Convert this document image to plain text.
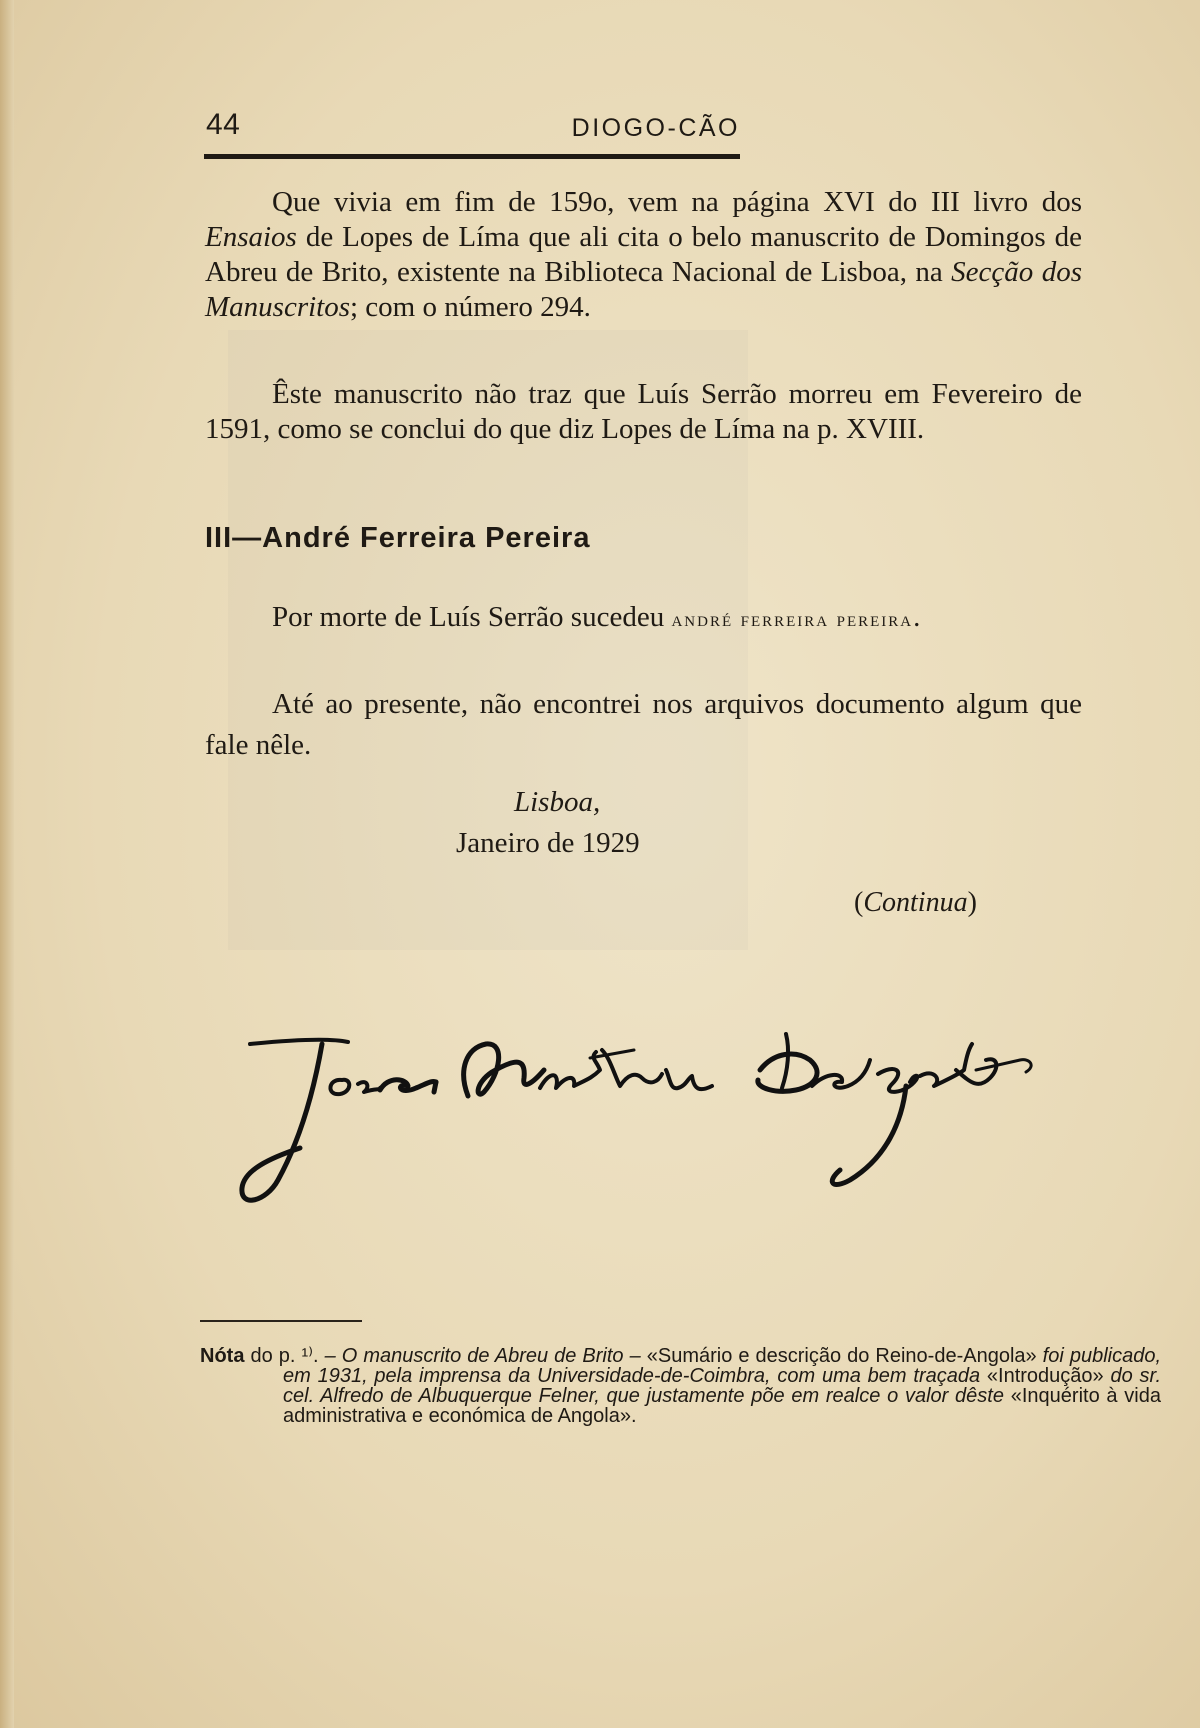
44	DIOGO-CÃO

Que vivia em fim de 159o, vem na página XVI do III livro dos Ensaios de Lopes de Líma que ali cita o belo manuscrito de Domingos de Abreu de Brito, existente na Biblioteca Nacional de Lisboa, na Secção dos Manuscritos; com o número 294.

Êste manuscrito não traz que Luís Serrão morreu em Fevereiro de 1591, como se conclui do que diz Lopes de Líma na p. XVIII.

III—André Ferreira Pereira

Por morte de Luís Serrão sucedeu andré ferreira pereira.

Até ao presente, não encontrei nos arquivos documento algum que fale nêle.

Lisboa,

Janeiro de 1929

(Continua)

Nóta do p. ¹⁾. – O manuscrito de Abreu de Brito – «Sumário e descrição do Reino-de-Angola» foi publicado, em 1931, pela imprensa da Universidade-de-Coimbra, com uma bem traçada «Introdução» do sr. cel. Alfredo de Albuquerque Felner, que justamente põe em realce o valor dêste «Inquérito à vida administrativa e económica de Angola».
